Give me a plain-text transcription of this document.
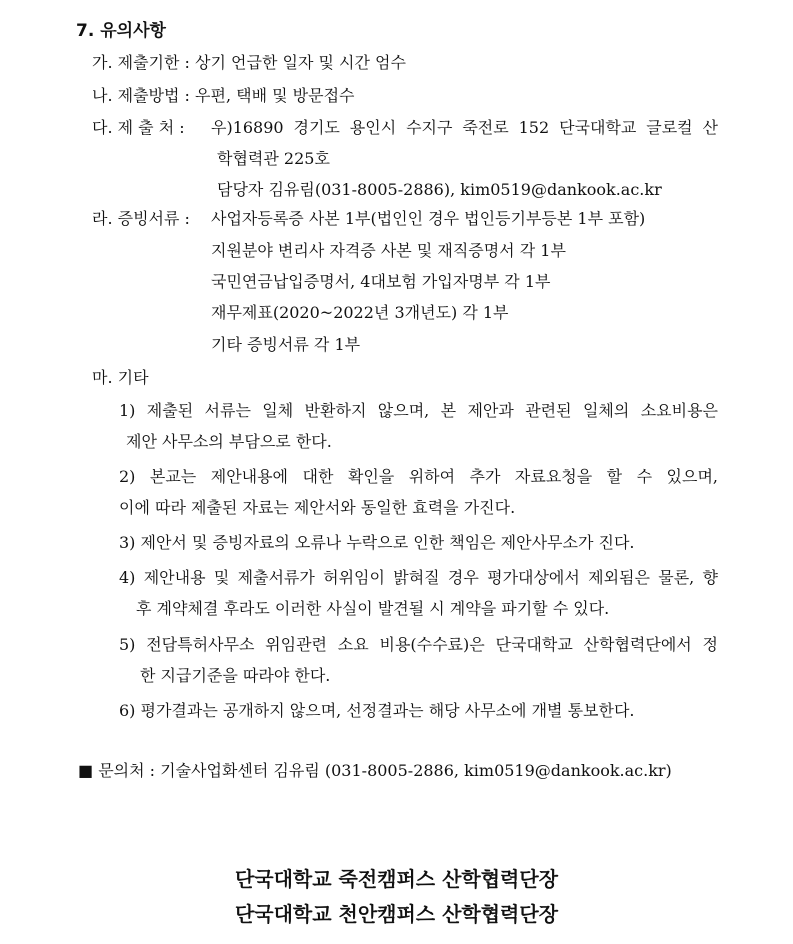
7. 유의사항
가. 제출기한 : 상기 언급한 일자 및 시간 엄수
나. 제출방법 : 우편, 택배 및 방문접수
다. 제 출 처 : 우)16890 경기도 용인시 수지구 죽전로 152 단국대학교 글로컬 산
학협력관 225호
담당자 김유림(031-8005-2886), kim0519@dankook.ac.kr
라. 증빙서류 : 사업자등록증 사본 1부(법인인 경우 법인등기부등본 1부 포함)
지원분야 변리사 자격증 사본 및 재직증명서 각 1부
국민연금납입증명서, 4대보험 가입자명부 각 1부
재무제표(2020~2022년 3개년도) 각 1부
기타 증빙서류 각 1부
마. 기타
1) 제출된 서류는 일체 반환하지 않으며, 본 제안과 관련된 일체의 소요비용은
제안 사무소의 부담으로 한다.
2) 본교는 제안내용에 대한 확인을 위하여 추가 자료요청을 할 수 있으며,
이에 따라 제출된 자료는 제안서와 동일한 효력을 가진다.
3) 제안서 및 증빙자료의 오류나 누락으로 인한 책임은 제안사무소가 진다.
4) 제안내용 및 제출서류가 허위임이 밝혀질 경우 평가대상에서 제외됨은 물론, 향
후 계약체결 후라도 이러한 사실이 발견될 시 계약을 파기할 수 있다.
5) 전담특허사무소 위임관련 소요 비용(수수료)은 단국대학교 산학협력단에서 정
한 지급기준을 따라야 한다.
6) 평가결과는 공개하지 않으며, 선정결과는 해당 사무소에 개별 통보한다.
■ 문의처 : 기술사업화센터 김유림 (031-8005-2886, kim0519@dankook.ac.kr)
단국대학교 죽전캠퍼스 산학협력단장
단국대학교 천안캠퍼스 산학협력단장
